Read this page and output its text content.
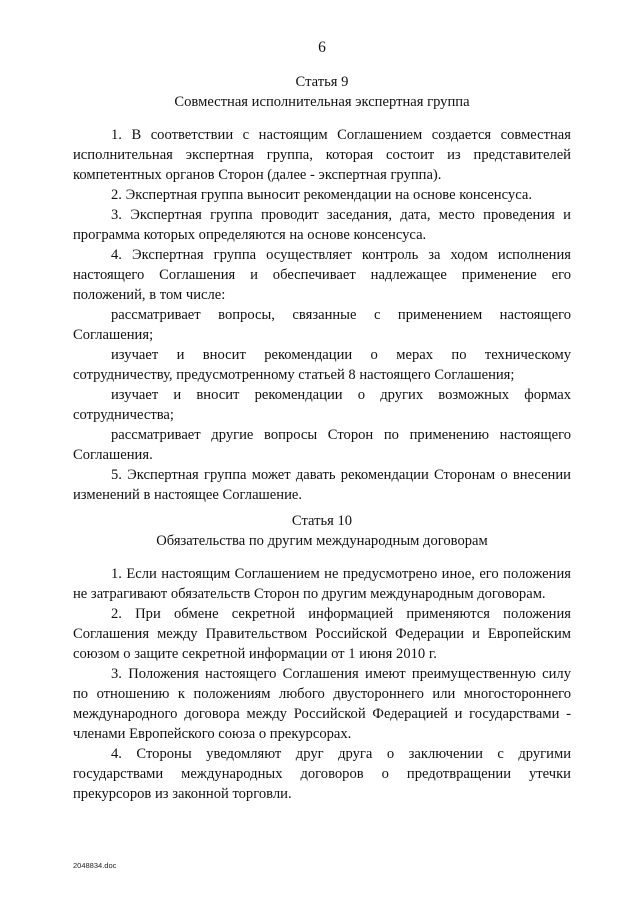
6
Статья 9
Совместная исполнительная экспертная группа

1. В соответствии с настоящим Соглашением создается совместная исполнительная экспертная группа, которая состоит из представителей компетентных органов Сторон (далее - экспертная группа).

2. Экспертная группа выносит рекомендации на основе консенсуса.

3. Экспертная группа проводит заседания, дата, место проведения и программа которых определяются на основе консенсуса.

4. Экспертная группа осуществляет контроль за ходом исполнения настоящего Соглашения и обеспечивает надлежащее применение его положений, в том числе:

рассматривает вопросы, связанные с применением настоящего Соглашения;

изучает и вносит рекомендации о мерах по техническому сотрудничеству, предусмотренному статьей 8 настоящего Соглашения;

изучает и вносит рекомендации о других возможных формах сотрудничества;

рассматривает другие вопросы Сторон по применению настоящего Соглашения.

5. Экспертная группа может давать рекомендации Сторонам о внесении изменений в настоящее Соглашение.

Статья 10
Обязательства по другим международным договорам

1. Если настоящим Соглашением не предусмотрено иное, его положения не затрагивают обязательств Сторон по другим международным договорам.

2. При обмене секретной информацией применяются положения Соглашения между Правительством Российской Федерации и Европейским союзом о защите секретной информации от 1 июня 2010 г.

3. Положения настоящего Соглашения имеют преимущественную силу по отношению к положениям любого двустороннего или многостороннего международного договора между Российской Федерацией и государствами - членами Европейского союза о прекурсорах.

4. Стороны уведомляют друг друга о заключении с другими государствами международных договоров о предотвращении утечки прекурсоров из законной торговли.

2048834.doc
